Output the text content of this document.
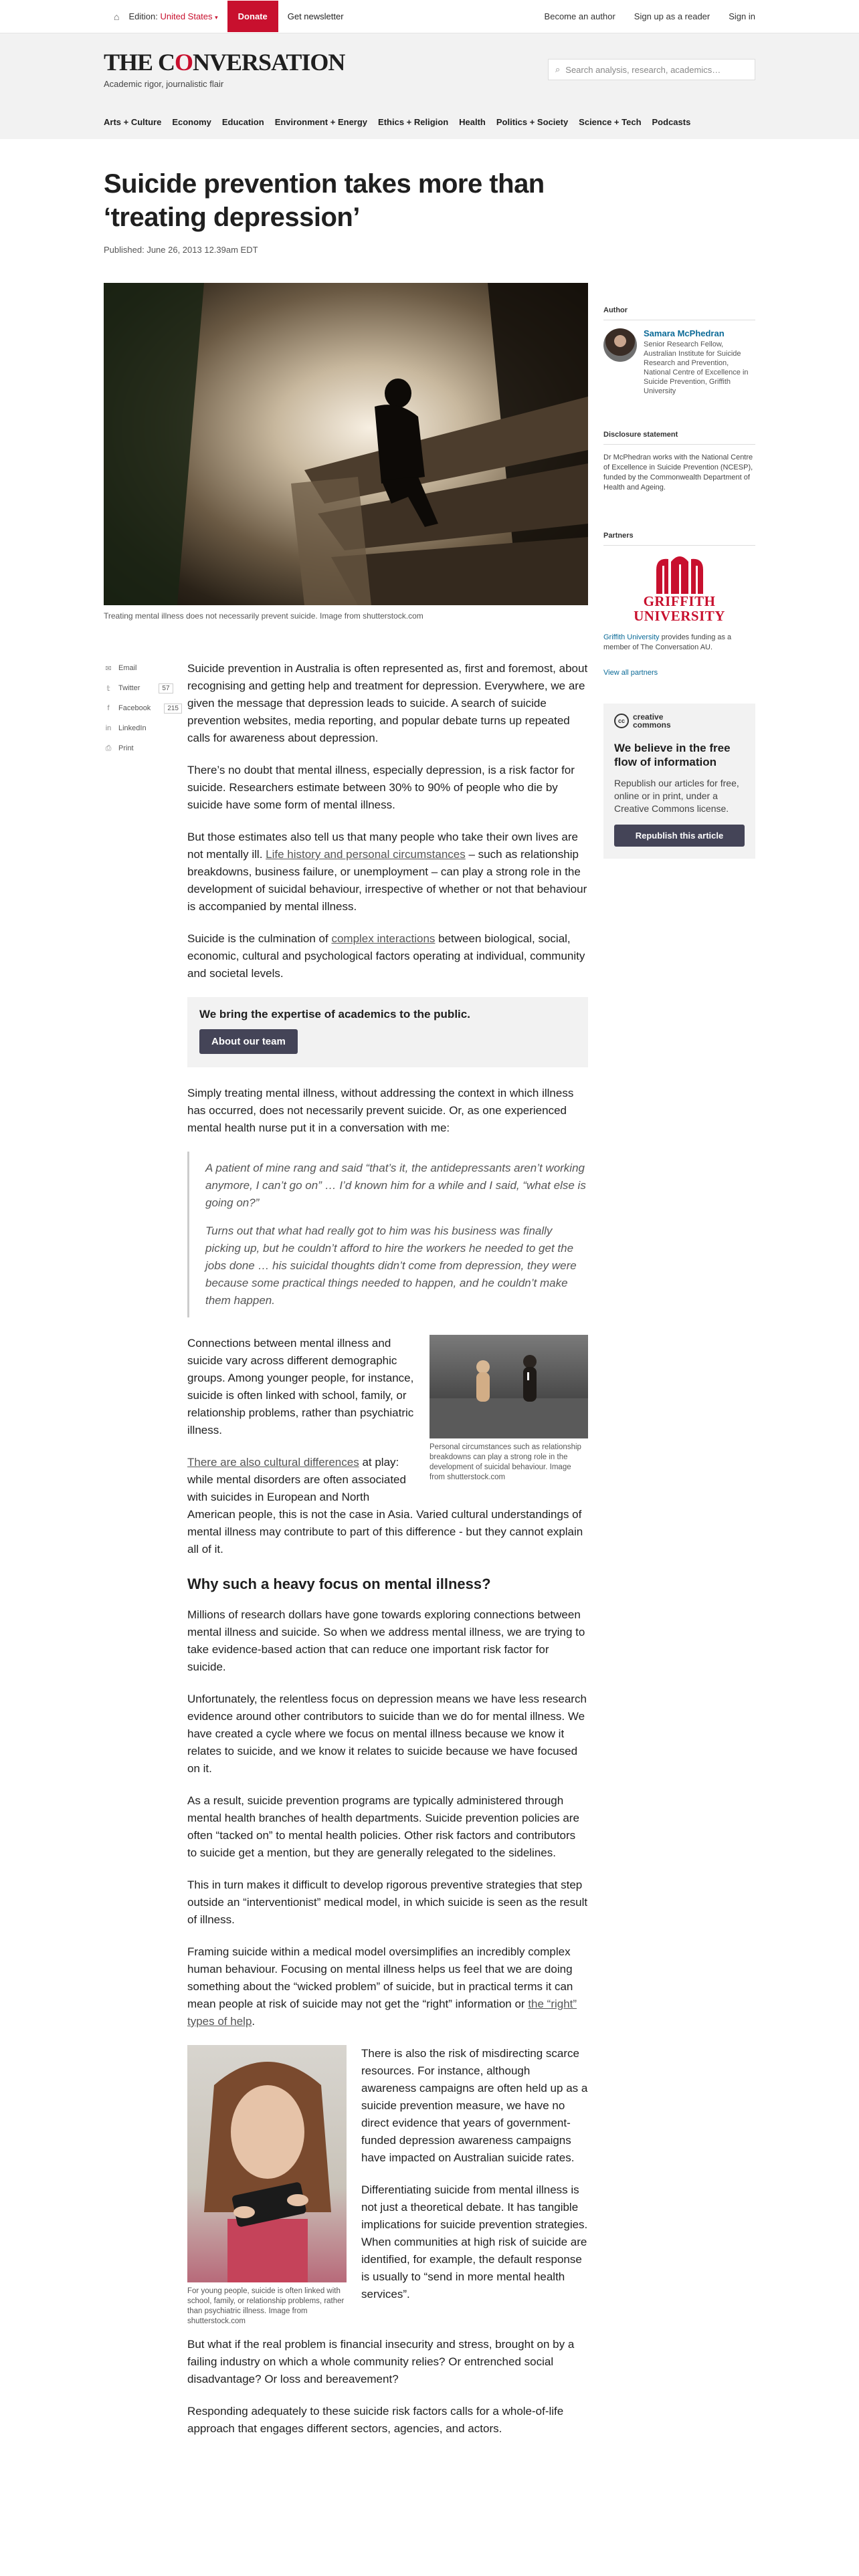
⌂ Edition: United States ▾	Donate	Get newsletter	Become an author Sign up as a reader Sign in
THE CONVERSATION
Academic rigor, journalistic flair
⌕ Search analysis, research, academics…
Arts + Culture Economy Education Environment + Energy Ethics + Religion Health Politics + Society Science + Tech Podcasts
Suicide prevention takes more than ‘treating depression’
Published: June 26, 2013 12.39am EDT
Treating mental illness does not necessarily prevent suicide. Image from shutterstock.com
✉ Email
𝕥	Twitter	57
f	Facebook	215
in LinkedIn
⎙ Print

Suicide prevention in Australia is often represented as, first and foremost, about recognising and getting help and treatment for depression. Everywhere, we are given the message that depression leads to suicide. A search of suicide prevention websites, media reporting, and popular debate turns up repeated calls for awareness about depression.

There’s no doubt that mental illness, especially depression, is a risk factor for suicide. Researchers estimate between 30% to 90% of people who die by suicide have some form of mental illness.

But those estimates also tell us that many people who take their own lives are not mentally ill. Life history and personal circumstances – such as relationship breakdowns, business failure, or unemployment – can play a strong role in the development of suicidal behaviour, irrespective of whether or not that behaviour is accompanied by mental illness.

Suicide is the culmination of complex interactions between biological, social, economic, cultural and psychological factors operating at individual, community and societal levels.

We bring the expertise of academics to the public.
About our team

Simply treating mental illness, without addressing the context in which illness has occurred, does not necessarily prevent suicide. Or, as one experienced mental health nurse put it in a conversation with me:

A patient of mine rang and said “that’s it, the antidepressants aren’t working anymore, I can’t go on” … I’d known him for a while and I said, “what else is going on?”

Turns out that what had really got to him was his business was finally picking up, but he couldn’t afford to hire the workers he needed to get the jobs done … his suicidal thoughts didn’t come from depression, they were because some practical things needed to happen, and he couldn’t make them happen.

Personal circumstances such as relationship breakdowns can play a strong role in the development of suicidal behaviour. Image from shutterstock.com

Connections between mental illness and suicide vary across different demographic groups. Among younger people, for instance, suicide is often linked with school, family, or relationship problems, rather than psychiatric illness.

There are also cultural differences at play: while mental disorders are often associated with suicides in European and North American people, this is not the case in Asia. Varied cultural understandings of mental illness may contribute to part of this difference - but they cannot explain all of it.

Why such a heavy focus on mental illness?

Millions of research dollars have gone towards exploring connections between mental illness and suicide. So when we address mental illness, we are trying to take evidence-based action that can reduce one important risk factor for suicide.

Unfortunately, the relentless focus on depression means we have less research evidence around other contributors to suicide than we do for mental illness. We have created a cycle where we focus on mental illness because we know it relates to suicide, and we know it relates to suicide because we have focused on it.

As a result, suicide prevention programs are typically administered through mental health branches of health departments. Suicide prevention policies are often “tacked on” to mental health policies. Other risk factors and contributors to suicide get a mention, but they are generally relegated to the sidelines.

This in turn makes it difficult to develop rigorous preventive strategies that step outside an “interventionist” medical model, in which suicide is seen as the result of illness.

Framing suicide within a medical model oversimplifies an incredibly complex human behaviour. Focusing on mental illness helps us feel that we are doing something about the “wicked problem” of suicide, but in practical terms it can mean people at risk of suicide may not get the “right” information or the “right” types of help.

For young people, suicide is often linked with school, family, or relationship problems, rather than psychiatric illness. Image from shutterstock.com

There is also the risk of misdirecting scarce resources. For instance, although awareness campaigns are often held up as a suicide prevention measure, we have no direct evidence that years of government-funded depression awareness campaigns have impacted on Australian suicide rates.

Differentiating suicide from mental illness is not just a theoretical debate. It has tangible implications for suicide prevention strategies. When communities at high risk of suicide are identified, for example, the default response is usually to “send in more mental health services”.

But what if the real problem is financial insecurity and stress, brought on by a failing industry on which a whole community relies? Or entrenched social disadvantage? Or loss and bereavement?

Responding adequately to these suicide risk factors calls for a whole-of-life approach that engages different sectors, agencies, and actors.

Author
Samara McPhedran
Senior Research Fellow, Australian Institute for Suicide Research and Prevention, National Centre of Excellence in Suicide Prevention, Griffith University
Disclosure statement
Dr McPhedran works with the National Centre of Excellence in Suicide Prevention (NCESP), funded by the Commonwealth Department of Health and Ageing.
Partners
GRIFFITH
UNIVERSITY
Griffith University provides funding as a member of The Conversation AU.
View all partners
cc	creative
commons
We believe in the free flow of information

Republish our articles for free, online or in print, under a Creative Commons license.

Republish this article
